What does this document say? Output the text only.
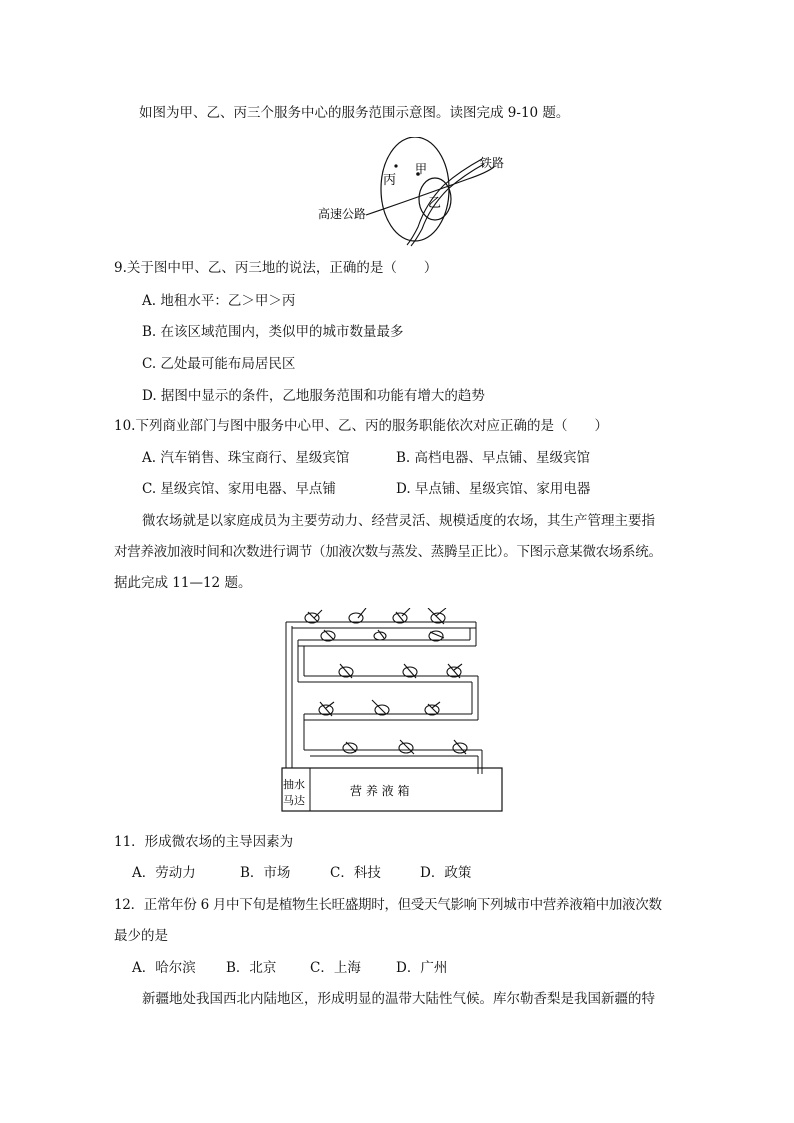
如图为甲、乙、丙三个服务中心的服务范围示意图。读图完成 9-10 题。
丙
甲
乙
铁路
高速公路
9.关于图中甲、乙、丙三地的说法，正确的是（　　）
A. 地租水平：乙＞甲＞丙
B. 在该区域范围内，类似甲的城市数量最多
C. 乙处最可能布局居民区
D. 据图中显示的条件，乙地服务范围和功能有增大的趋势
10.下列商业部门与图中服务中心甲、乙、丙的服务职能依次对应正确的是（　　）
A. 汽车销售、珠宝商行、星级宾馆	B. 高档电器、早点铺、星级宾馆
C. 星级宾馆、家用电器、早点铺	D. 早点铺、星级宾馆、家用电器
微农场就是以家庭成员为主要劳动力、经营灵活、规模适度的农场，其生产管理主要指
对营养液加液时间和次数进行调节（加液次数与蒸发、蒸腾呈正比）。下图示意某微农场系统。
据此完成 11—12 题。
营 养 液 箱
抽水
马达
11．形成微农场的主导因素为
A．劳动力	B．市场	C．科技	D．政策
12．正常年份 6 月中下旬是植物生长旺盛期时，但受天气影响下列城市中营养液箱中加液次数
最少的是
A．哈尔滨 B．北京 C．上海	D．广州
新疆地处我国西北内陆地区，形成明显的温带大陆性气候。库尔勒香梨是我国新疆的特
